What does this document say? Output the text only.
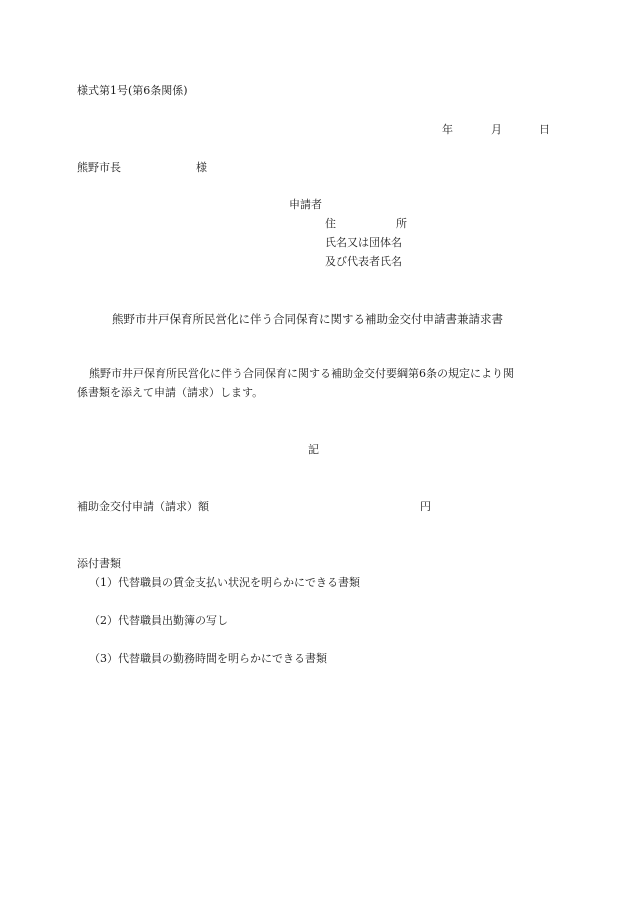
様式第1号(第6条関係)
年	月	日
熊野市長	様
申請者
住	所
氏名又は団体名
及び代表者氏名
熊野市井戸保育所民営化に伴う合同保育に関する補助金交付申請書兼請求書
熊野市井戸保育所民営化に伴う合同保育に関する補助金交付要綱第6条の規定により関
係書類を添えて申請（請求）します。
記
補助金交付申請（請求）額	円
添付書類
（1）代替職員の賃金支払い状況を明らかにできる書類
（2）代替職員出勤簿の写し
（3）代替職員の勤務時間を明らかにできる書類
